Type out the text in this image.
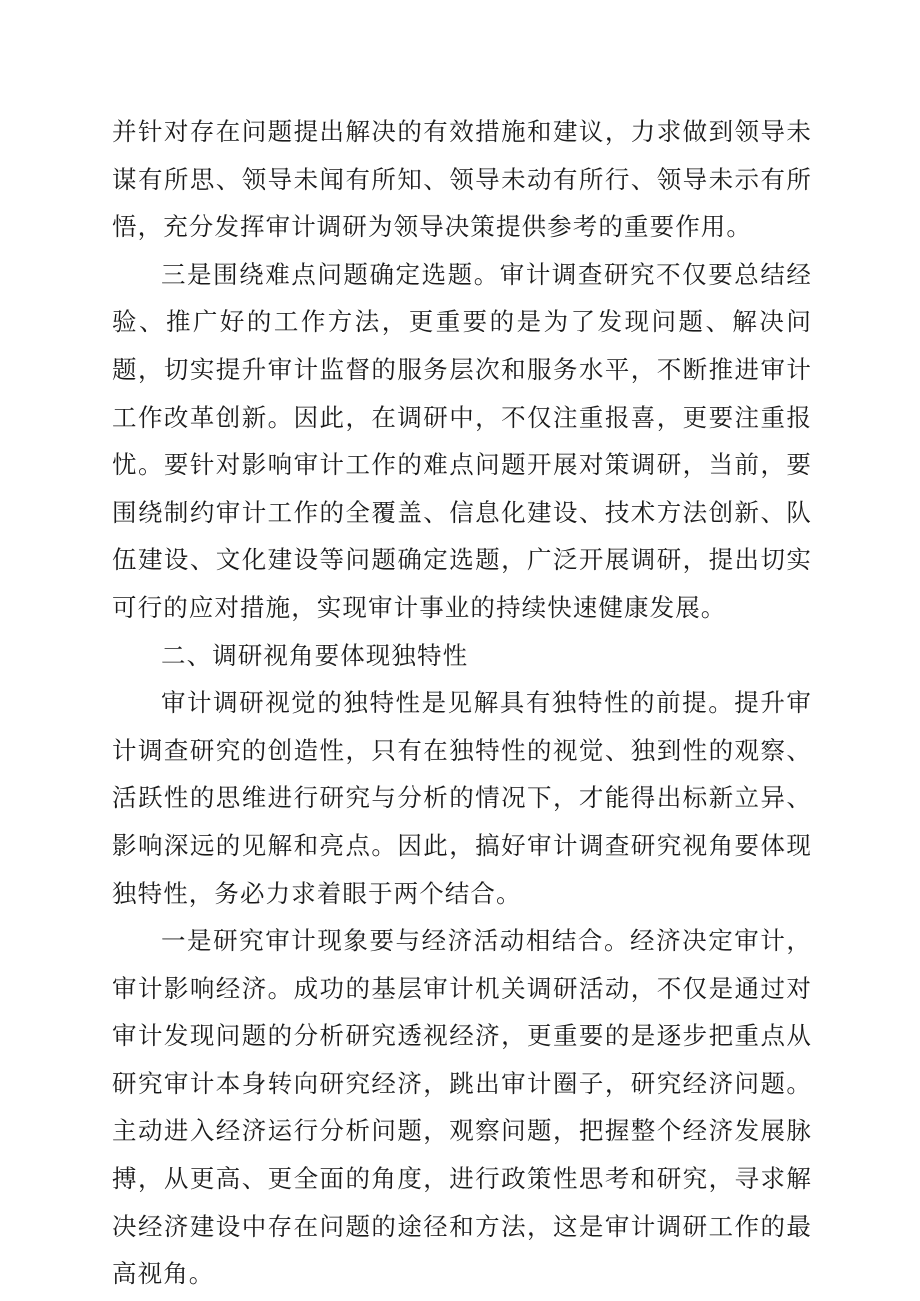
并针对存在问题提出解决的有效措施和建议，力求做到领导未谋有所思、领导未闻有所知、领导未动有所行、领导未示有所悟，充分发挥审计调研为领导决策提供参考的重要作用。

三是围绕难点问题确定选题。审计调查研究不仅要总结经验、推广好的工作方法，更重要的是为了发现问题、解决问题，切实提升审计监督的服务层次和服务水平，不断推进审计工作改革创新。因此，在调研中，不仅注重报喜，更要注重报忧。要针对影响审计工作的难点问题开展对策调研，当前，要围绕制约审计工作的全覆盖、信息化建设、技术方法创新、队伍建设、文化建设等问题确定选题，广泛开展调研，提出切实可行的应对措施，实现审计事业的持续快速健康发展。

二、调研视角要体现独特性

审计调研视觉的独特性是见解具有独特性的前提。提升审计调查研究的创造性，只有在独特性的视觉、独到性的观察、活跃性的思维进行研究与分析的情况下，才能得出标新立异、影响深远的见解和亮点。因此，搞好审计调查研究视角要体现独特性，务必力求着眼于两个结合。

一是研究审计现象要与经济活动相结合。经济决定审计，审计影响经济。成功的基层审计机关调研活动，不仅是通过对审计发现问题的分析研究透视经济，更重要的是逐步把重点从研究审计本身转向研究经济，跳出审计圈子，研究经济问题。主动进入经济运行分析问题，观察问题，把握整个经济发展脉搏，从更高、更全面的角度，进行政策性思考和研究，寻求解决经济建设中存在问题的途径和方法，这是审计调研工作的最高视角。
